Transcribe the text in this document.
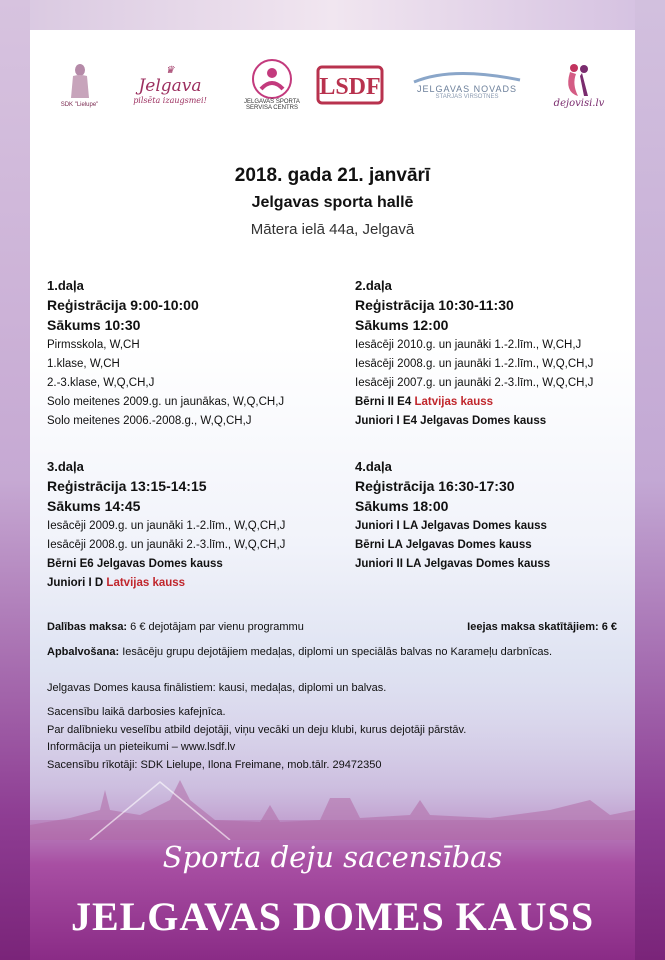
SDK "Lielupe"
♛
Jelgava
pilsēta izaugsmei!	JELGAVAS SPORTA
SERVISA CENTRS
LSDF	JELGAVAS NOVADS
STARJAS VIRSOTNES
dejovisi.lv
2018. gada 21. janvārī
Jelgavas sporta hallē
Mātera ielā 44a, Jelgavā
1.daļa
Reģistrācija 9:00-10:00
Sākums 10:30
Pirmsskola, W,CH
1.klase, W,CH
2.-3.klase, W,Q,CH,J
Solo meitenes 2009.g. un jaunākas, W,Q,CH,J
Solo meitenes 2006.-2008.g., W,Q,CH,J
2.daļa
Reģistrācija 10:30-11:30
Sākums 12:00
Iesācēji 2010.g. un jaunāki 1.-2.līm., W,CH,J
Iesācēji 2008.g. un jaunāki 1.-2.līm., W,Q,CH,J
Iesācēji 2007.g. un jaunāki 2.-3.līm., W,Q,CH,J
Bērni II E4 Latvijas kauss
Juniori I E4 Jelgavas Domes kauss
3.daļa
Reģistrācija 13:15-14:15
Sākums 14:45
Iesācēji 2009.g. un jaunāki 1.-2.līm., W,Q,CH,J
Iesācēji 2008.g. un jaunāki 2.-3.līm., W,Q,CH,J
Bērni E6 Jelgavas Domes kauss
Juniori I D Latvijas kauss
4.daļa
Reģistrācija 16:30-17:30
Sākums 18:00
Juniori I LA Jelgavas Domes kauss
Bērni LA Jelgavas Domes kauss
Juniori II LA Jelgavas Domes kauss
Dalības maksa: 6 € dejotājam par vienu programmu	Ieejas maksa skatītājiem: 6 €
Apbalvošana: Iesācēju grupu dejotājiem medaļas, diplomi un speciālās balvas no Karameļu darbnīcas.
Jelgavas Domes kausa finālistiem: kausi, medaļas, diplomi un balvas.
Sacensību laikā darbosies kafejnīca.
Par dalībnieku veselību atbild dejotāji, viņu vecāki un deju klubi, kurus dejotāji pārstāv.
Informācija un pieteikumi – www.lsdf.lv
Sacensību rīkotāji: SDK Lielupe, Ilona Freimane, mob.tālr. 29472350
Sporta deju sacensības
JELGAVAS DOMES KAUSS
